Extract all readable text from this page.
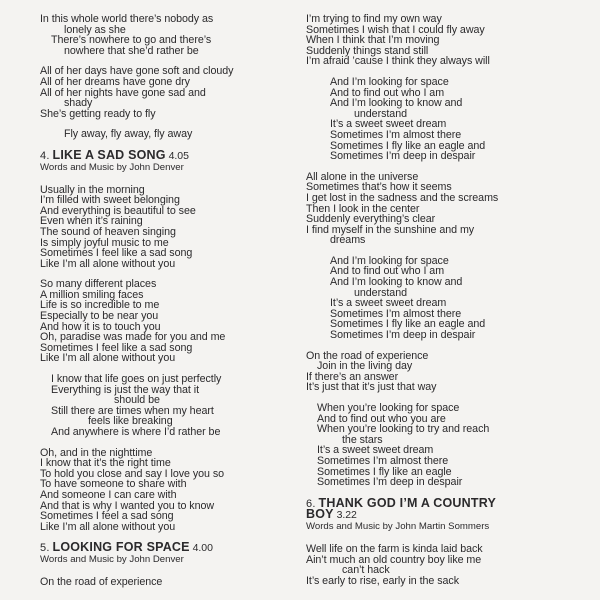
In this whole world there’s nobody as
lonely as she
There’s nowhere to go and there’s
nowhere that she’d rather be
All of her days have gone soft and cloudy
All of her dreams have gone dry
All of her nights have gone sad and
shady
She’s getting ready to fly
Fly away, fly away, fly away
4. LIKE A SAD SONG 4.05
Words and Music by John Denver
Usually in the morning
I’m filled with sweet belonging
And everything is beautiful to see
Even when it’s raining
The sound of heaven singing
Is simply joyful music to me
Sometimes I feel like a sad song
Like I’m all alone without you
So many different places
A million smiling faces
Life is so incredible to me
Especially to be near you
And how it is to touch you
Oh, paradise was made for you and me
Sometimes I feel like a sad song
Like I’m all alone without you
I know that life goes on just perfectly
Everything is just the way that it
should be
Still there are times when my heart
feels like breaking
And anywhere is where I’d rather be
Oh, and in the nighttime
I know that it’s the right time
To hold you close and say I love you so
To have someone to share with
And someone I can care with
And that is why I wanted you to know
Sometimes I feel a sad song
Like I’m all alone without you
5. LOOKING FOR SPACE 4.00
Words and Music by John Denver
On the road of experience
I’m trying to find my own way
Sometimes I wish that I could fly away
When I think that I’m moving
Suddenly things stand still
I’m afraid ’cause I think they always will
And I’m looking for space
And to find out who I am
And I’m looking to know and
understand
It’s a sweet sweet dream
Sometimes I’m almost there
Sometimes I fly like an eagle and
Sometimes I’m deep in despair
All alone in the universe
Sometimes that’s how it seems
I get lost in the sadness and the screams
Then I look in the center
Suddenly everything’s clear
I find myself in the sunshine and my
dreams
And I’m looking for space
And to find out who I am
And I’m looking to know and
understand
It’s a sweet sweet dream
Sometimes I’m almost there
Sometimes I fly like an eagle and
Sometimes I’m deep in despair
On the road of experience
Join in the living day
If there’s an answer
It’s just that it’s just that way
When you’re looking for space
And to find out who you are
When you’re looking to try and reach
the stars
It’s a sweet sweet dream
Sometimes I’m almost there
Sometimes I fly like an eagle
Sometimes I’m deep in despair
6. THANK GOD I’M A COUNTRY
BOY 3.22
Words and Music by John Martin Sommers
Well life on the farm is kinda laid back
Ain’t much an old country boy like me
can’t hack
It’s early to rise, early in the sack
